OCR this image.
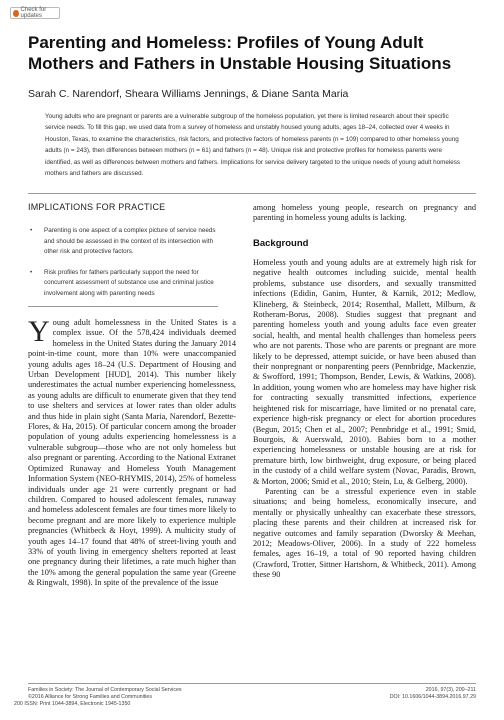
Check for updates
Parenting and Homeless: Profiles of Young Adult Mothers and Fathers in Unstable Housing Situations
Sarah C. Narendorf, Sheara Williams Jennings, & Diane Santa Maria
Young adults who are pregnant or parents are a vulnerable subgroup of the homeless population, yet there is limited research about their specific service needs. To fill this gap, we used data from a survey of homeless and unstably housed young adults, ages 18–24, collected over 4 weeks in Houston, Texas, to examine the characteristics, risk factors, and protective factors of homeless parents (n = 109) compared to other homeless young adults (n = 243), then differences between mothers (n = 61) and fathers (n = 48). Unique risk and protective profiles for homeless parents were identified, as well as differences between mothers and fathers. Implications for service delivery targeted to the unique needs of young adult homeless mothers and fathers are discussed.
IMPLICATIONS FOR PRACTICE
• Parenting is one aspect of a complex picture of service needs and should be assessed in the context of its intersection with other risk and protective factors.
• Risk profiles for fathers particularly support the need for concurrent assessment of substance use and criminal justice involvement along with parenting needs

Young adult homelessness in the United States is a complex issue. Of the 578,424 individuals deemed homeless in the United States during the January 2014 point-in-time count, more than 10% were unaccompanied young adults ages 18–24 (U.S. Department of Housing and Urban Development [HUD], 2014). This number likely underestimates the actual number experiencing homelessness, as young adults are difficult to enumerate given that they tend to use shelters and services at lower rates than older adults and thus hide in plain sight (Santa Maria, Narendorf, Bezette-Flores, & Ha, 2015). Of particular concern among the broader population of young adults experiencing homelessness is a vulnerable subgroup—those who are not only homeless but also pregnant or parenting. According to the National Extranet Optimized Runaway and Homeless Youth Management Information System (NEO-RHYMIS, 2014), 25% of homeless individuals under age 21 were currently pregnant or had children. Compared to housed adolescent females, runaway and homeless adolescent females are four times more likely to become pregnant and are more likely to experience multiple pregnancies (Whitbeck & Hoyt, 1999). A multicity study of youth ages 14–17 found that 48% of street-living youth and 33% of youth living in emergency shelters reported at least one pregnancy during their lifetimes, a rate much higher than the 10% among the general population the same year (Greene & Ringwalt, 1998). In spite of the prevalence of the issue

among homeless young people, research on pregnancy and parenting in homeless young adults is lacking.

Background

Homeless youth and young adults are at extremely high risk for negative health outcomes including suicide, mental health problems, substance use disorders, and sexually transmitted infections (Edidin, Ganim, Hunter, & Karnik, 2012; Medlow, Klineberg, & Steinbeck, 2014; Rosenthal, Mallett, Milburn, & Rotheram-Borus, 2008). Studies suggest that pregnant and parenting homeless youth and young adults face even greater social, health, and mental health challenges than homeless peers who are not parents. Those who are parents or pregnant are more likely to be depressed, attempt suicide, or have been abused than their nonpregnant or nonparenting peers (Pennbridge, Mackenzie, & Swofford, 1991; Thompson, Bender, Lewis, & Watkins, 2008). In addition, young women who are homeless may have higher risk for contracting sexually transmitted infections, experience heightened risk for miscarriage, have limited or no prenatal care, experience high-risk pregnancy or elect for abortion procedures (Begun, 2015; Chen et al., 2007; Pennbridge et al., 1991; Smid, Bourgois, & Auerswald, 2010). Babies born to a mother experiencing homelessness or unstable housing are at risk for premature birth, low birthweight, drug exposure, or being placed in the custody of a child welfare system (Novac, Paradis, Brown, & Morton, 2006; Smid et al., 2010; Stein, Lu, & Gelberg, 2000).

Parenting can be a stressful experience even in stable situations; and being homeless, economically insecure, and mentally or physically unhealthy can exacerbate these stressors, placing these parents and their children at increased risk for negative outcomes and family separation (Dworsky & Meehan, 2012; Meadows-Oliver, 2006). In a study of 222 homeless females, ages 16–19, a total of 90 reported having children (Crawford, Trotter, Sittner Hartshorn, & Whitbeck, 2011). Among these 90

Families in Society: The Journal of Contemporary Social Services
©2016 Alliance for Strong Families and Communities
200 ISSN: Print 1044-3894, Electronic 1945-1350
2016, 97(3), 200–211
DOI: 10.1606/1044-3894.2016.97.29
